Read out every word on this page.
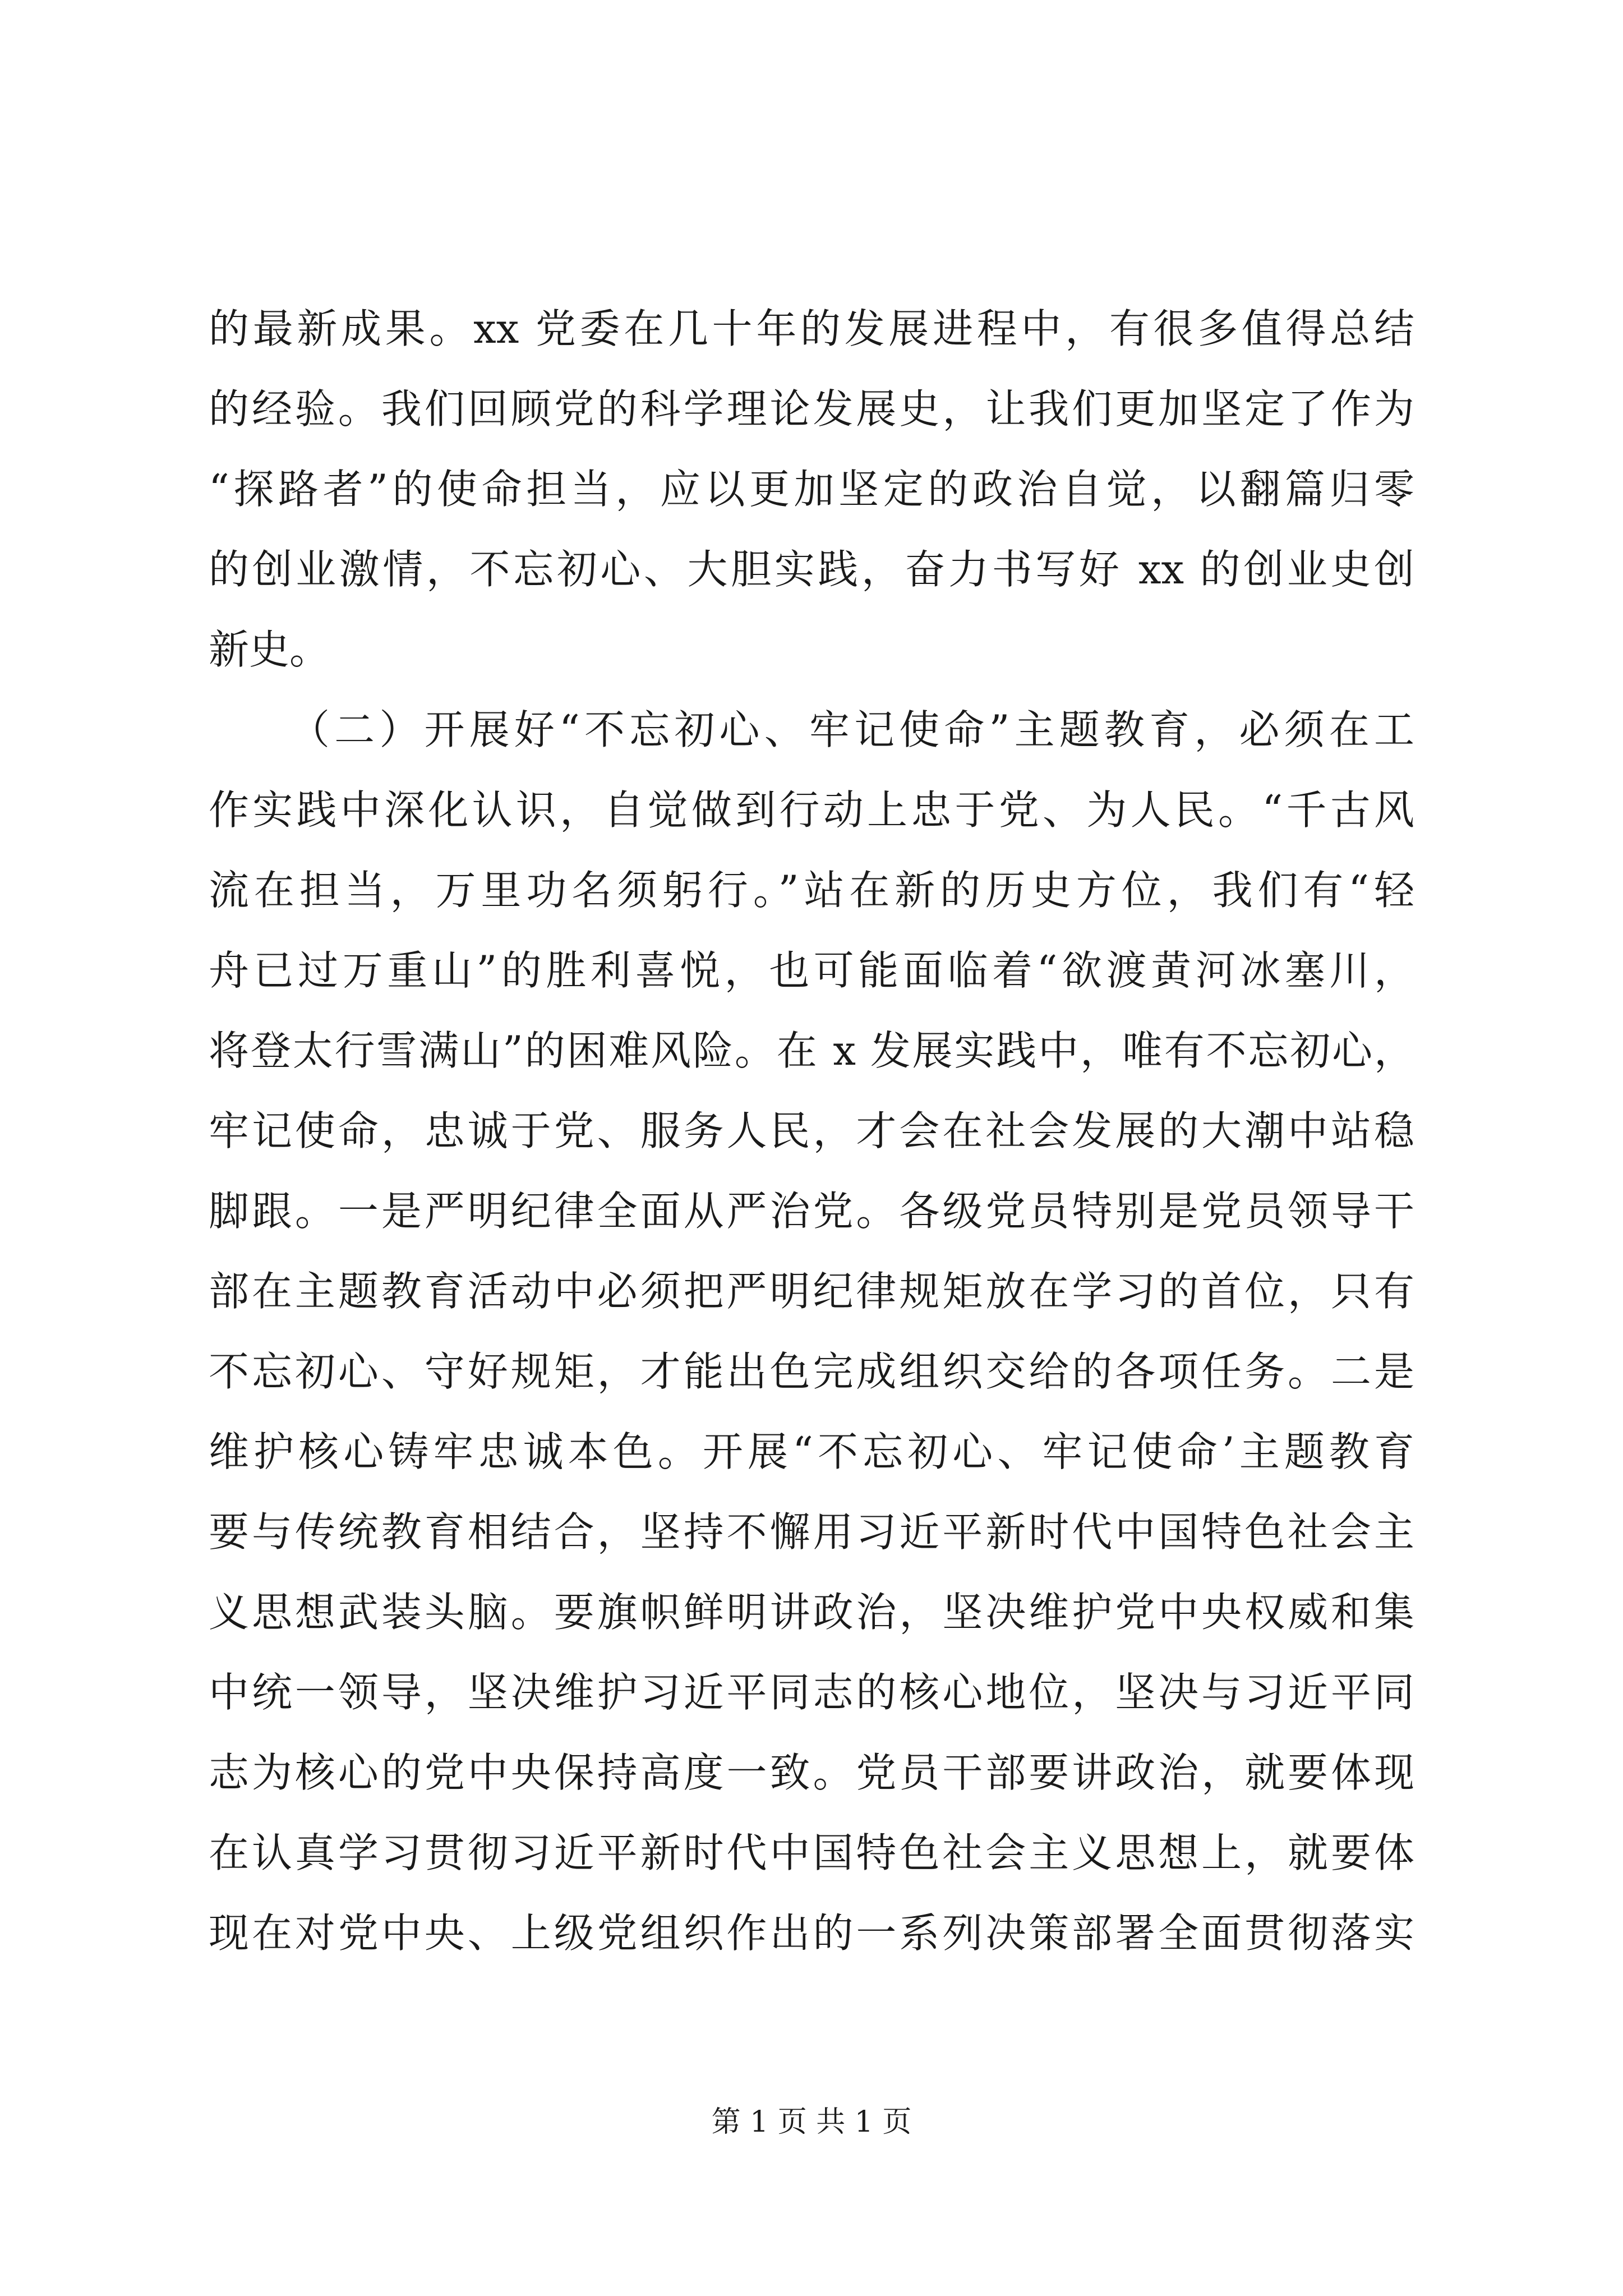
的最新成果。xx 党委在几十年的发展进程中，有很多值得总结
的经验。我们回顾党的科学理论发展史，让我们更加坚定了作为
“探路者”的使命担当，应以更加坚定的政治自觉，以翻篇归零
的创业激情，不忘初心、大胆实践，奋力书写好 xx 的创业史创
新史。
（二）开展好“不忘初心、牢记使命”主题教育，必须在工
作实践中深化认识，自觉做到行动上忠于党、为人民。“千古风
流在担当，万里功名须躬行。”站在新的历史方位，我们有“轻
舟已过万重山”的胜利喜悦，也可能面临着“欲渡黄河冰塞川，
将登太行雪满山”的困难风险。在 x 发展实践中，唯有不忘初心，
牢记使命，忠诚于党、服务人民，才会在社会发展的大潮中站稳
脚跟。一是严明纪律全面从严治党。各级党员特别是党员领导干
部在主题教育活动中必须把严明纪律规矩放在学习的首位，只有
不忘初心、守好规矩，才能出色完成组织交给的各项任务。二是
维护核心铸牢忠诚本色。开展“不忘初心、牢记使命’主题教育
要与传统教育相结合，坚持不懈用习近平新时代中国特色社会主
义思想武装头脑。要旗帜鲜明讲政治，坚决维护党中央权威和集
中统一领导，坚决维护习近平同志的核心地位，坚决与习近平同
志为核心的党中央保持高度一致。党员干部要讲政治，就要体现
在认真学习贯彻习近平新时代中国特色社会主义思想上，就要体
现在对党中央、上级党组织作出的一系列决策部署全面贯彻落实
第 1 页 共 1 页
